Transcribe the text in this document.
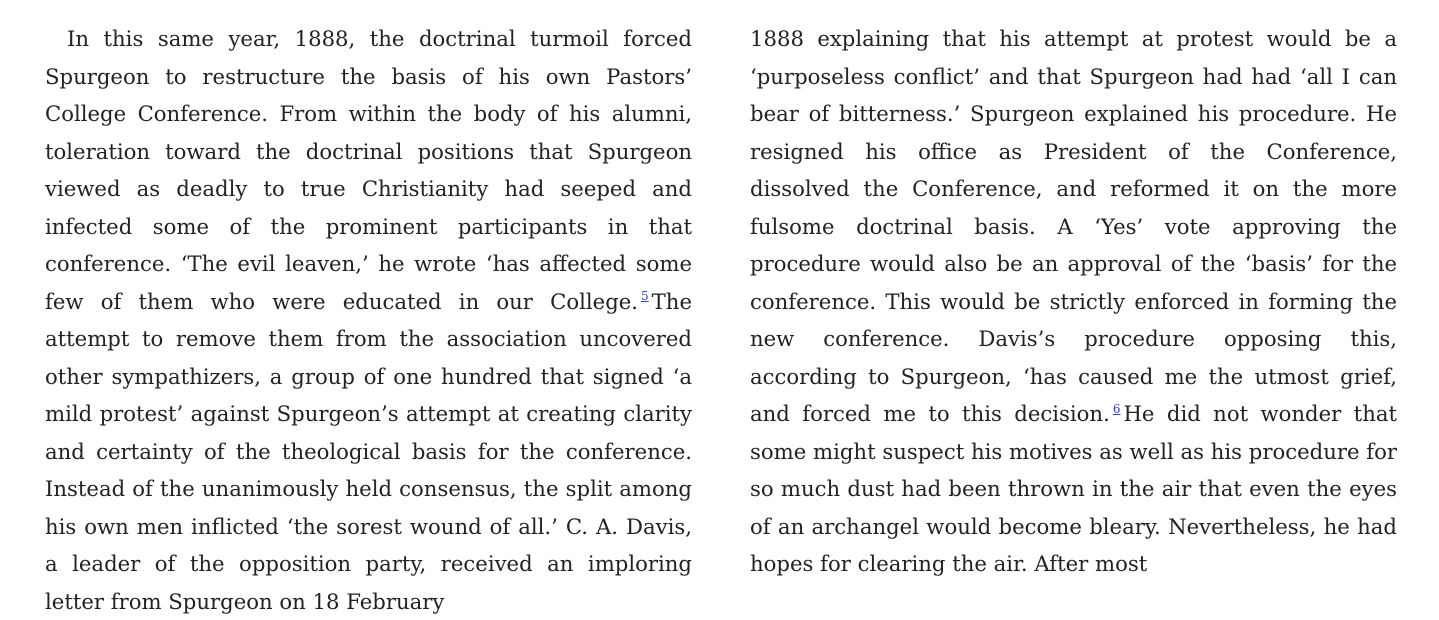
In this same year, 1888, the doctrinal turmoil forced Spurgeon to restructure the basis of his own Pastors’ College Conference. From within the body of his alumni, toleration toward the doctrinal positions that Spurgeon viewed as deadly to true Christianity had seeped and infected some of the prominent participants in that conference. ‘The evil leaven,’ he wrote ‘has affected some few of them who were educated in our College. $^5$ The attempt to remove them from the association uncovered other sympathizers, a group of one hundred that signed ‘a mild protest’ against Spurgeon’s attempt at creating clarity and certainty of the theological basis for the conference. Instead of the unanimously held consensus, the split among his own men inflicted ‘the sorest wound of all.’ C. A. Davis, a leader of the opposition party, received an imploring letter from Spurgeon on 18 February

1888 explaining that his attempt at protest would be a ‘purposeless conflict’ and that Spurgeon had had ‘all I can bear of bitterness.’ Spurgeon explained his procedure. He resigned his office as President of the Conference, dissolved the Conference, and reformed it on the more fulsome doctrinal basis. A ‘Yes’ vote approving the procedure would also be an approval of the ‘basis’ for the conference. This would be strictly enforced in forming the new conference. Davis’s procedure opposing this, according to Spurgeon, ‘has caused me the utmost grief, and forced me to this decision. $^6$ He did not wonder that some might suspect his motives as well as his procedure for so much dust had been thrown in the air that even the eyes of an archangel would become bleary. Nevertheless, he had hopes for clearing the air. After most
